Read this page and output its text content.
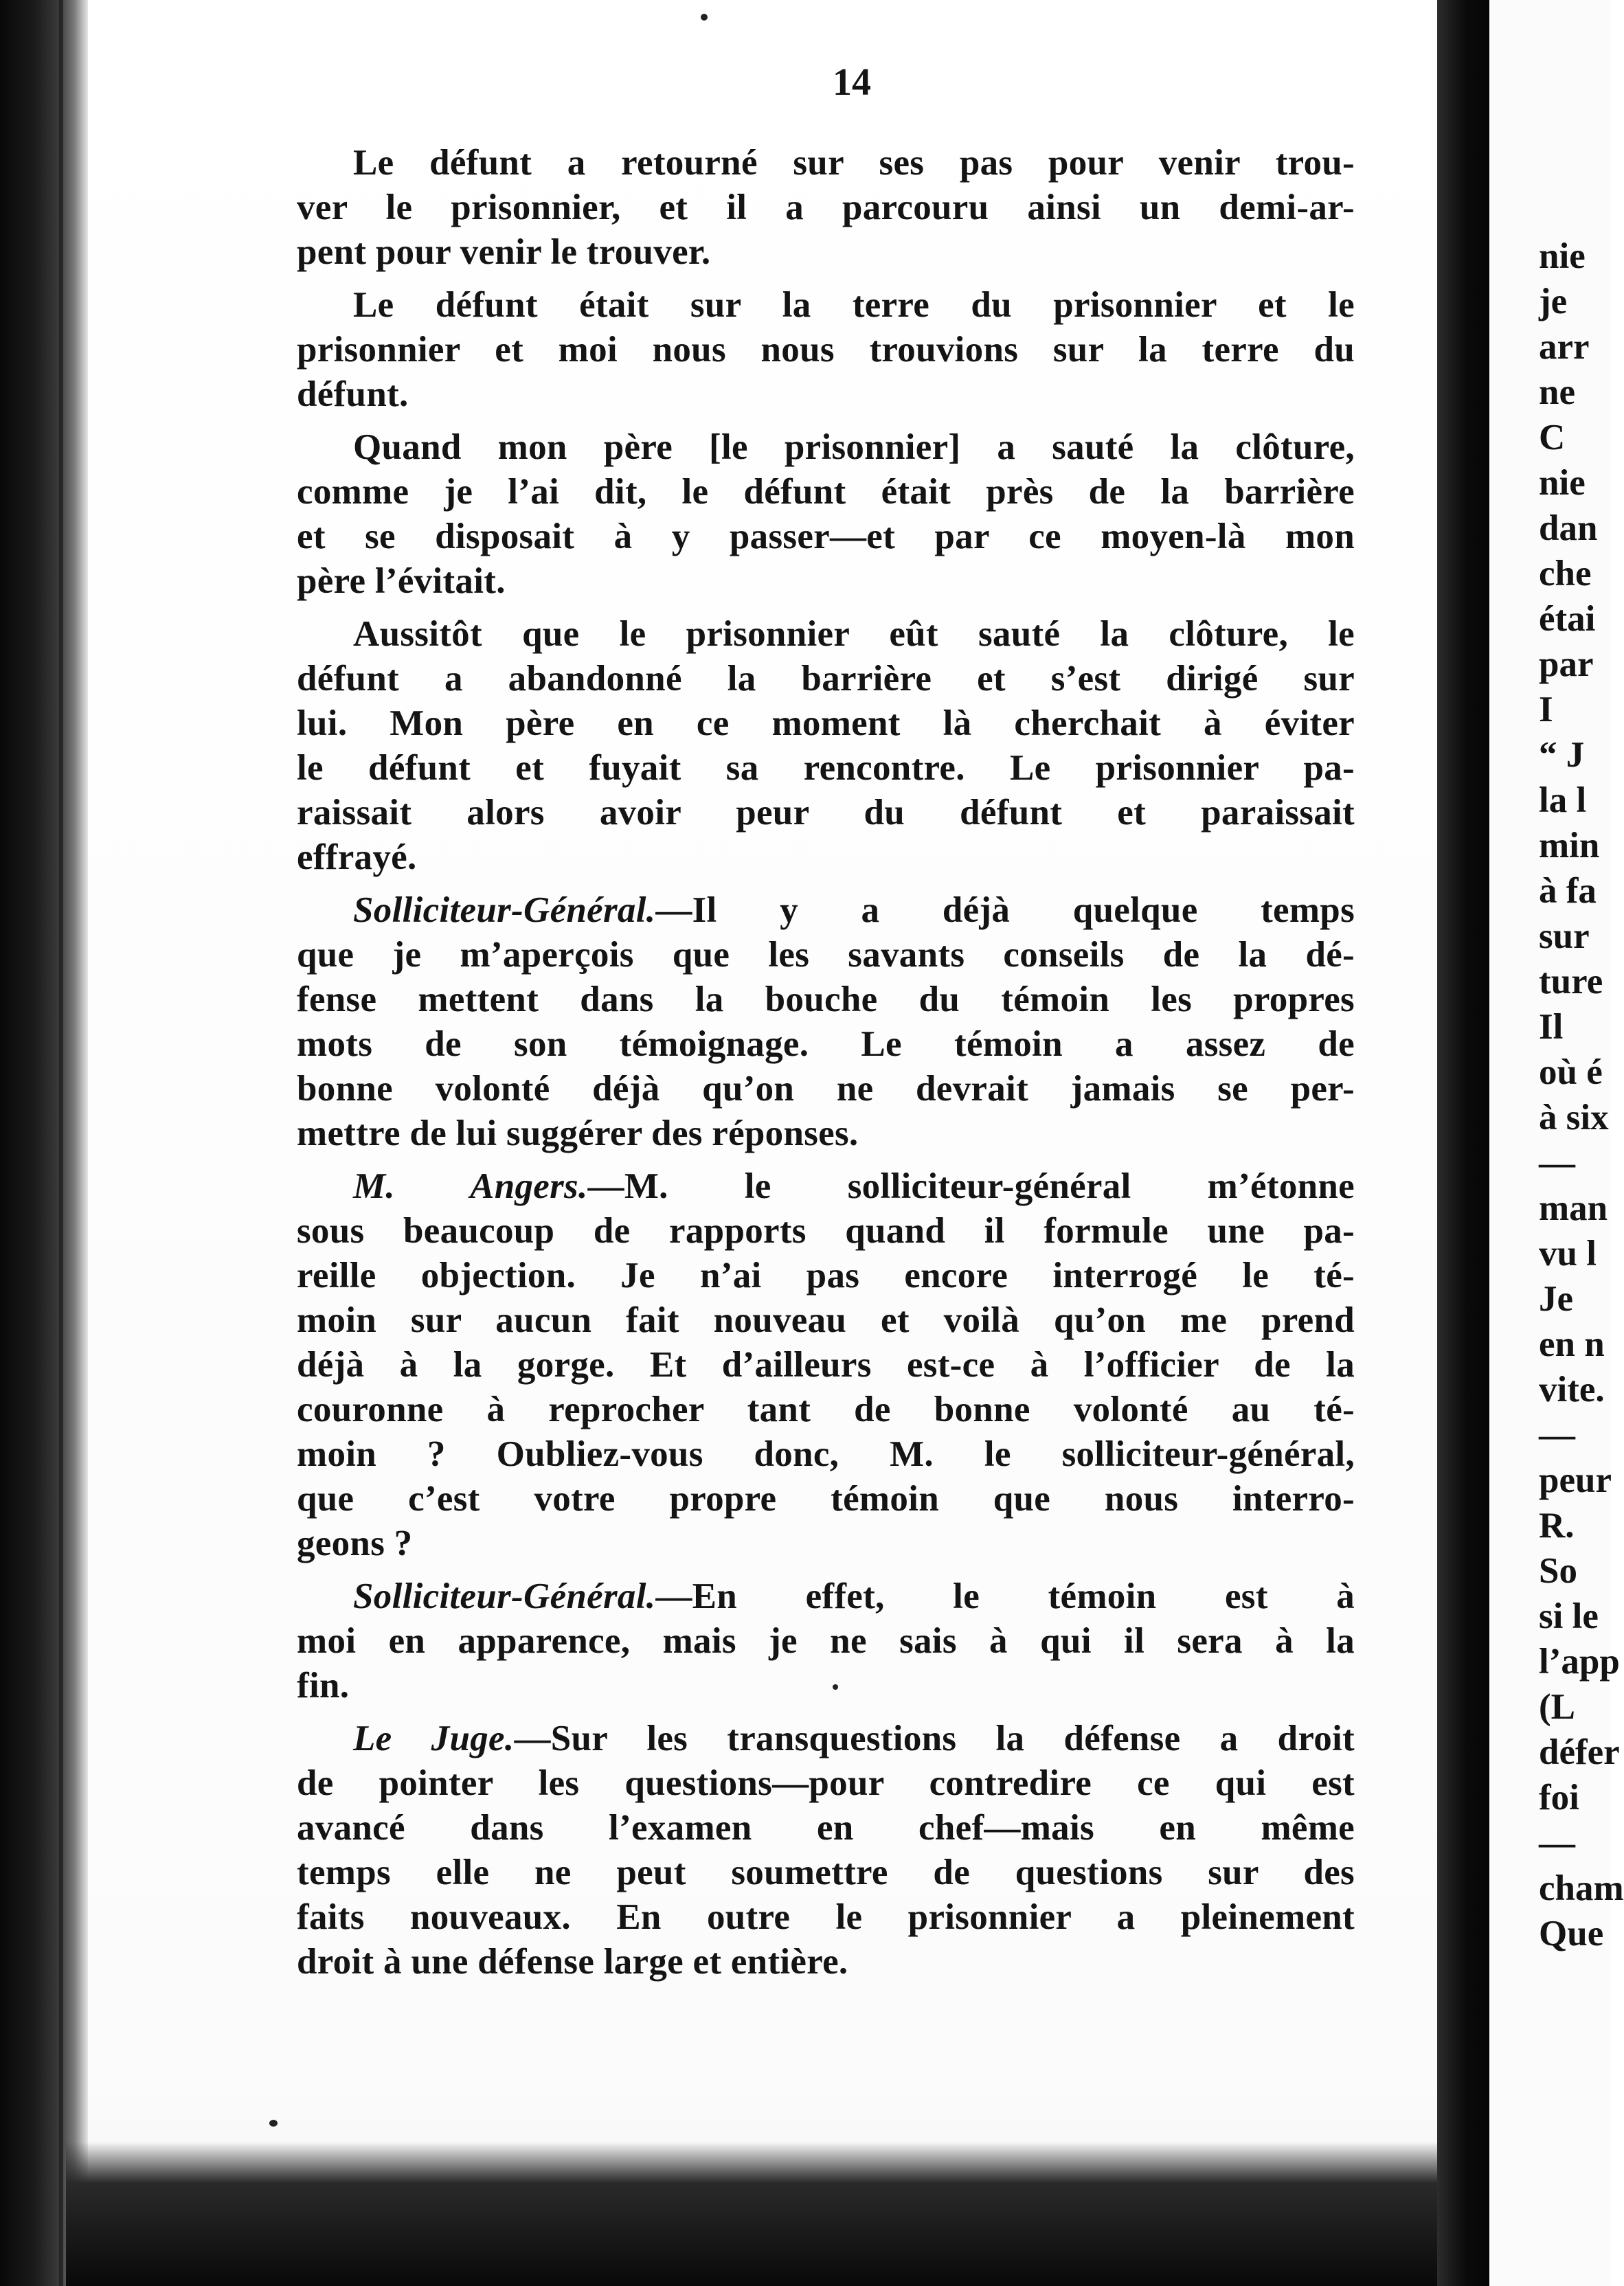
14
Le défunt a retourné sur ses pas pour venir trou-
ver le prisonnier, et il a parcouru ainsi un demi-ar-
pent pour venir le trouver.
Le défunt était sur la terre du prisonnier et le
prisonnier et moi nous nous trouvions sur la terre du
défunt.
Quand mon père [le prisonnier] a sauté la clôture,
comme je l’ai dit, le défunt était près de la barrière
et se disposait à y passer—et par ce moyen-là mon
père l’évitait.
Aussitôt que le prisonnier eût sauté la clôture, le
défunt a abandonné la barrière et s’est dirigé sur
lui. Mon père en ce moment là cherchait à éviter
le défunt et fuyait sa rencontre. Le prisonnier pa-
raissait alors avoir peur du défunt et paraissait
effrayé.
Solliciteur-Général.—Il y a déjà quelque temps
que je m’aperçois que les savants conseils de la dé-
fense mettent dans la bouche du témoin les propres
mots de son témoignage. Le témoin a assez de
bonne volonté déjà qu’on ne devrait jamais se per-
mettre de lui suggérer des réponses.
M. Angers.—M. le solliciteur-général m’étonne
sous beaucoup de rapports quand il formule une pa-
reille objection. Je n’ai pas encore interrogé le té-
moin sur aucun fait nouveau et voilà qu’on me prend
déjà à la gorge. Et d’ailleurs est-ce à l’officier de la
couronne à reprocher tant de bonne volonté au té-
moin ? Oubliez-vous donc, M. le solliciteur-général,
que c’est votre propre témoin que nous interro-
geons ?
Solliciteur-Général.—En effet, le témoin est à
moi en apparence, mais je ne sais à qui il sera à la
fin.
Le Juge.—Sur les transquestions la défense a droit
de pointer les questions—pour contredire ce qui est
avancé dans l’examen en chef—mais en même
temps elle ne peut soumettre de questions sur des
faits nouveaux. En outre le prisonnier a pleinement
droit à une défense large et entière.
nie
je
arr
ne
C
nie
dan
che
étai
par
I
“ J
la l
min
à fa
sur
ture
Il
où é
à six
—
man
vu l
Je
en n
vite.
—
peur
R.
So
si le
l’app
(L
défer
foi
—
cham
Que
